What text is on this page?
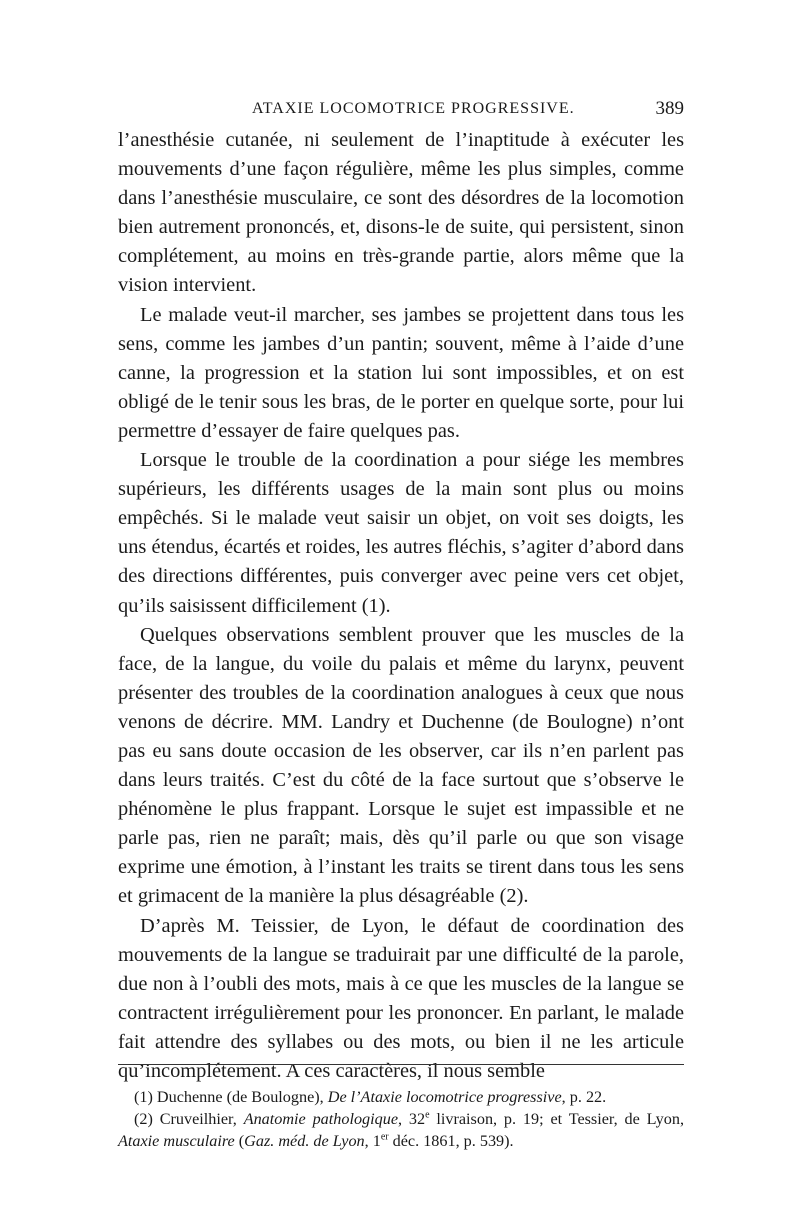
ATAXIE LOCOMOTRICE PROGRESSIVE.	389

l’anesthésie cutanée, ni seulement de l’inaptitude à exécuter les mouvements d’une façon régulière, même les plus simples, comme dans l’anesthésie musculaire, ce sont des désordres de la locomotion bien autrement prononcés, et, disons-le de suite, qui persistent, sinon complétement, au moins en très-grande partie, alors même que la vision intervient.

Le malade veut-il marcher, ses jambes se projettent dans tous les sens, comme les jambes d’un pantin; souvent, même à l’aide d’une canne, la progression et la station lui sont impossibles, et on est obligé de le tenir sous les bras, de le porter en quelque sorte, pour lui permettre d’essayer de faire quelques pas.

Lorsque le trouble de la coordination a pour siége les membres supérieurs, les différents usages de la main sont plus ou moins empêchés. Si le malade veut saisir un objet, on voit ses doigts, les uns étendus, écartés et roides, les autres fléchis, s’agiter d’abord dans des directions différentes, puis converger avec peine vers cet objet, qu’ils saisissent difficilement (1).

Quelques observations semblent prouver que les muscles de la face, de la langue, du voile du palais et même du larynx, peuvent présenter des troubles de la coordination analogues à ceux que nous venons de décrire. MM. Landry et Duchenne (de Boulogne) n’ont pas eu sans doute occasion de les observer, car ils n’en parlent pas dans leurs traités. C’est du côté de la face surtout que s’observe le phénomène le plus frappant. Lorsque le sujet est impassible et ne parle pas, rien ne paraît; mais, dès qu’il parle ou que son visage exprime une émotion, à l’instant les traits se tirent dans tous les sens et grimacent de la manière la plus désagréable (2).

D’après M. Teissier, de Lyon, le défaut de coordination des mouvements de la langue se traduirait par une difficulté de la parole, due non à l’oubli des mots, mais à ce que les muscles de la langue se contractent irrégulièrement pour les prononcer. En parlant, le malade fait attendre des syllabes ou des mots, ou bien il ne les articule qu’incomplétement. A ces caractères, il nous semble

(1) Duchenne (de Boulogne), De l’Ataxie locomotrice progressive, p. 22.

(2) Cruveilhier, Anatomie pathologique, 32e livraison, p. 19; et Tessier, de Lyon, Ataxie musculaire (Gaz. méd. de Lyon, 1er déc. 1861, p. 539).
